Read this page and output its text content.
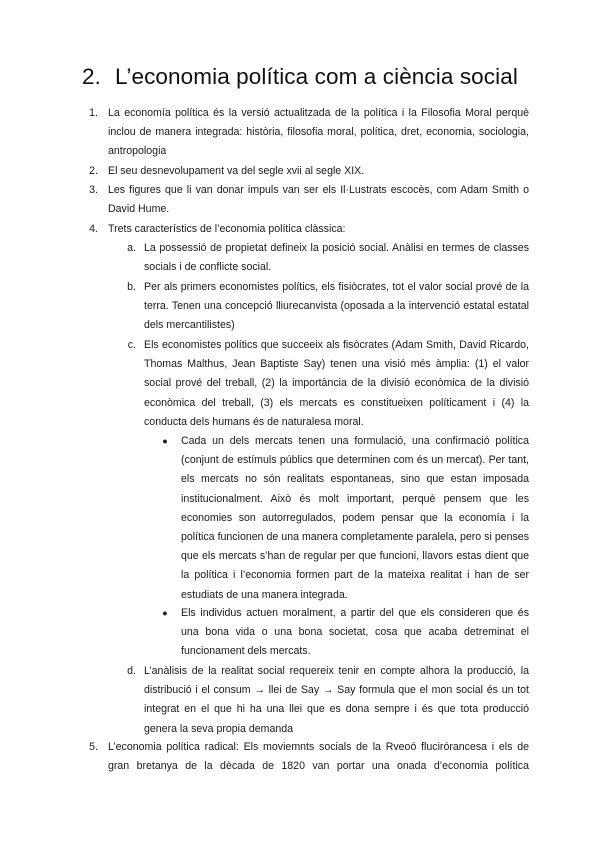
2. L’economia política com a ciència social
1. La economía política és la versió actualitzada de la política i la Filosofia Moral perquè inclou de manera integrada: història, filosofia moral, política, dret, economia, sociologia, antropologia
2. El seu desnevolupament va del segle xvii al segle XIX.
3. Les figures que li van donar impuls van ser els Il·Lustrats escocès, com Adam Smith o David Hume.
4. Trets característics de l’economia política clàssica:
a. La possessió de propietat defineix la posició social. Anàlisi en termes de classes socials i de conflicte social.
b. Per als primers economistes polítics, els fisiòcrates, tot el valor social prové de la terra. Tenen una concepció lliurecanvista (oposada a la intervenció estatal estatal dels mercantilistes)
c. Els economistes polítics que succeeix als fisòcrates (Adam Smith, David Ricardo, Thomas Malthus, Jean Baptiste Say) tenen una visió més àmplia: (1) el valor social prové del treball, (2) la importància de la divisió econòmica de la divisió econòmica del treball, (3) els mercats es constitueixen políticament i (4) la conducta dels humans és de naturalesa moral.
●	Cada un dels mercats tenen una formulació, una confirmació política (conjunt de estímuls públics que determinen com és un mercat). Per tant, els mercats no són realitats espontaneas, sino que estan imposada institucionalment. Això és molt important, perquè pensem que les economies son autorregulados, podem pensar que la economía i la política funcionen de una manera completamente paralela, pero si penses que els mercats s’han de regular per que funcioni, llavors estas dient que la política i l’economia formen part de la mateixa realitat i han de ser estudiats de una manera integrada.
●	Els individus actuen moralment, a partir del que els consideren que és una bona vida o una bona societat, cosa que acaba detreminat el funcionament dels mercats.
d. L’anàlisis de la realitat social requereix tenir en compte alhora la producció, la distribució i el consum → llei de Say → Say formula que el mon social és un tot integrat en el que hi ha una llei que es dona sempre i és que tota producció genera la seva propia demanda
5. L’economia política radical: Els moviemnts socials de la Rveoó flucirórancesa i els de gran bretanya de la dècada de 1820 van portar una onada d’economia política
